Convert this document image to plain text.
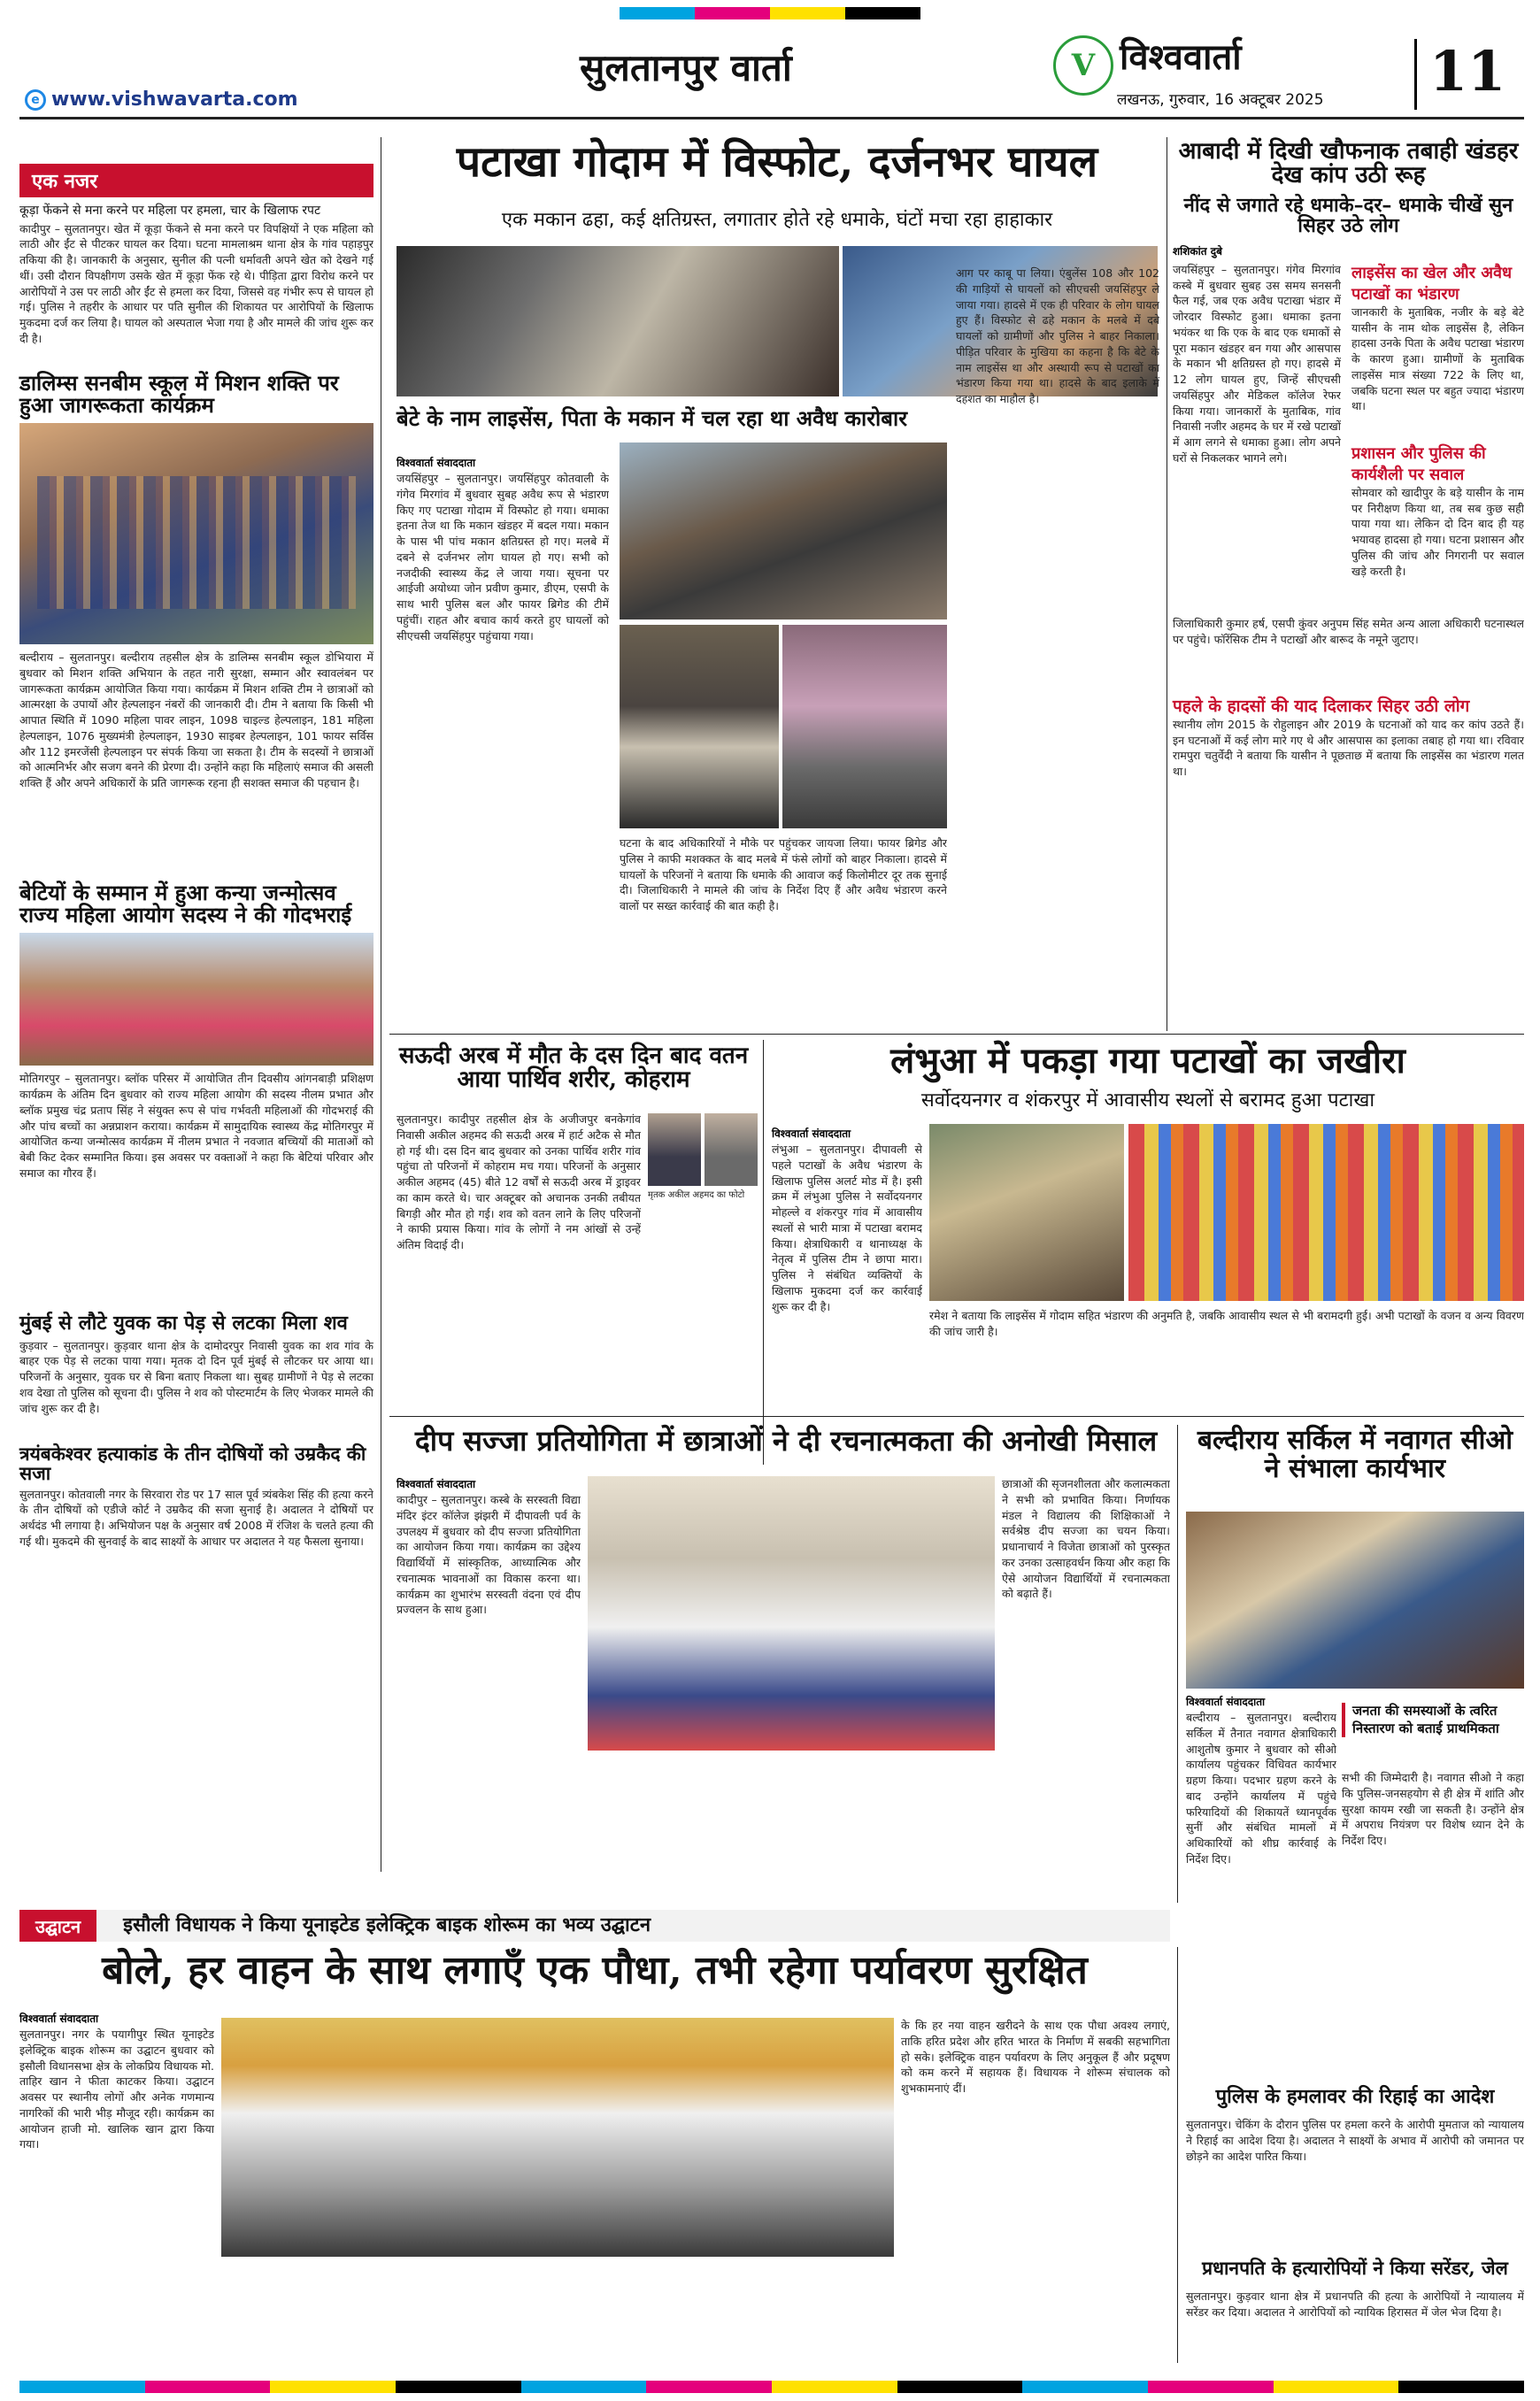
सुलतानपुर वार्ता
e www.vishwavarta.com
V विश्ववार्ता
लखनऊ, गुरुवार, 16 अक्टूबर 2025 11
एक नजर
कूड़ा फेंकने से मना करने पर महिला पर हमला, चार के खिलाफ रपट
कादीपुर – सुलतानपुर। खेत में कूड़ा फेंकने से मना करने पर विपक्षियों ने एक महिला को लाठी और ईंट से पीटकर घायल कर दिया। घटना मामलाश्रम थाना क्षेत्र के गांव पहाड़पुर तकिया की है। जानकारी के अनुसार, सुनील की पत्नी धर्मावती अपने खेत को देखने गई थीं। उसी दौरान विपक्षीगण उसके खेत में कूड़ा फेंक रहे थे। पीड़िता द्वारा विरोध करने पर आरोपियों ने उस पर लाठी और ईंट से हमला कर दिया, जिससे वह गंभीर रूप से घायल हो गई। पुलिस ने तहरीर के आधार पर पति सुनील की शिकायत पर आरोपियों के खिलाफ मुकदमा दर्ज कर लिया है। घायल को अस्पताल भेजा गया है और मामले की जांच शुरू कर दी है।
डालिम्स सनबीम स्कूल में मिशन शक्ति पर हुआ जागरूकता कार्यक्रम
बल्दीराय – सुलतानपुर। बल्दीराय तहसील क्षेत्र के डालिम्स सनबीम स्कूल डोभियारा में बुधवार को मिशन शक्ति अभियान के तहत नारी सुरक्षा, सम्मान और स्वावलंबन पर जागरूकता कार्यक्रम आयोजित किया गया। कार्यक्रम में मिशन शक्ति टीम ने छात्राओं को आत्मरक्षा के उपायों और हेल्पलाइन नंबरों की जानकारी दी। टीम ने बताया कि किसी भी आपात स्थिति में 1090 महिला पावर लाइन, 1098 चाइल्ड हेल्पलाइन, 181 महिला हेल्पलाइन, 1076 मुख्यमंत्री हेल्पलाइन, 1930 साइबर हेल्पलाइन, 101 फायर सर्विस और 112 इमरजेंसी हेल्पलाइन पर संपर्क किया जा सकता है। टीम के सदस्यों ने छात्राओं को आत्मनिर्भर और सजग बनने की प्रेरणा दी। उन्होंने कहा कि महिलाएं समाज की असली शक्ति हैं और अपने अधिकारों के प्रति जागरूक रहना ही सशक्त समाज की पहचान है।
बेटियों के सम्मान में हुआ कन्या जन्मोत्सव राज्य महिला आयोग सदस्य ने की गोदभराई
मोतिगरपुर – सुलतानपुर। ब्लॉक परिसर में आयोजित तीन दिवसीय आंगनबाड़ी प्रशिक्षण कार्यक्रम के अंतिम दिन बुधवार को राज्य महिला आयोग की सदस्य नीलम प्रभात और ब्लॉक प्रमुख चंद्र प्रताप सिंह ने संयुक्त रूप से पांच गर्भवती महिलाओं की गोदभराई की और पांच बच्चों का अन्नप्राशन कराया। कार्यक्रम में सामुदायिक स्वास्थ्य केंद्र मोतिगरपुर में आयोजित कन्या जन्मोत्सव कार्यक्रम में नीलम प्रभात ने नवजात बच्चियों की माताओं को बेबी किट देकर सम्मानित किया। इस अवसर पर वक्ताओं ने कहा कि बेटियां परिवार और समाज का गौरव हैं।
मुंबई से लौटे युवक का पेड़ से लटका मिला शव
कुड़वार – सुलतानपुर। कुड़वार थाना क्षेत्र के दामोदरपुर निवासी युवक का शव गांव के बाहर एक पेड़ से लटका पाया गया। मृतक दो दिन पूर्व मुंबई से लौटकर घर आया था। परिजनों के अनुसार, युवक घर से बिना बताए निकला था। सुबह ग्रामीणों ने पेड़ से लटका शव देखा तो पुलिस को सूचना दी। पुलिस ने शव को पोस्टमार्टम के लिए भेजकर मामले की जांच शुरू कर दी है।
त्रयंबकेश्वर हत्याकांड के तीन दोषियों को उम्रकैद की सजा
सुलतानपुर। कोतवाली नगर के सिरवारा रोड पर 17 साल पूर्व त्र्यंबकेश सिंह की हत्या करने के तीन दोषियों को एडीजे कोर्ट ने उम्रकैद की सजा सुनाई है। अदालत ने दोषियों पर अर्थदंड भी लगाया है। अभियोजन पक्ष के अनुसार वर्ष 2008 में रंजिश के चलते हत्या की गई थी। मुकदमे की सुनवाई के बाद साक्ष्यों के आधार पर अदालत ने यह फैसला सुनाया।
पटाखा गोदाम में विस्फोट, दर्जनभर घायल
एक मकान ढहा, कई क्षतिग्रस्त, लगातार होते रहे धमाके, घंटों मचा रहा हाहाकार
बेटे के नाम लाइसेंस, पिता के मकान में चल रहा था अवैध कारोबार
विश्ववार्ता संवाददाता
जयसिंहपुर – सुलतानपुर। जयसिंहपुर कोतवाली के गंगेव मिरगांव में बुधवार सुबह अवैध रूप से भंडारण किए गए पटाखा गोदाम में विस्फोट हो गया। धमाका इतना तेज था कि मकान खंडहर में बदल गया। मकान के पास भी पांच मकान क्षतिग्रस्त हो गए। मलबे में दबने से दर्जनभर लोग घायल हो गए। सभी को नजदीकी स्वास्थ्य केंद्र ले जाया गया। सूचना पर आईजी अयोध्या जोन प्रवीण कुमार, डीएम, एसपी के साथ भारी पुलिस बल और फायर ब्रिगेड की टीमें पहुंचीं। राहत और बचाव कार्य करते हुए घायलों को सीएचसी जयसिंहपुर पहुंचाया गया।
आग पर काबू पा लिया। एंबुलेंस 108 और 102 की गाड़ियों से घायलों को सीएचसी जयसिंहपुर ले जाया गया। हादसे में एक ही परिवार के लोग घायल हुए हैं। विस्फोट से ढहे मकान के मलबे में दबे घायलों को ग्रामीणों और पुलिस ने बाहर निकाला। पीड़ित परिवार के मुखिया का कहना है कि बेटे के नाम लाइसेंस था और अस्थायी रूप से पटाखों का भंडारण किया गया था। हादसे के बाद इलाके में दहशत का माहौल है।
घटना के बाद अधिकारियों ने मौके पर पहुंचकर जायजा लिया। फायर ब्रिगेड और पुलिस ने काफी मशक्कत के बाद मलबे में फंसे लोगों को बाहर निकाला। हादसे में घायलों के परिजनों ने बताया कि धमाके की आवाज कई किलोमीटर दूर तक सुनाई दी। जिलाधिकारी ने मामले की जांच के निर्देश दिए हैं और अवैध भंडारण करने वालों पर सख्त कार्रवाई की बात कही है।
आबादी में दिखी खौफनाक तबाही खंडहर देख कांप उठी रूह
नींद से जगाते रहे धमाके–दर– धमाके चीखें सुन सिहर उठे लोग
शशिकांत दुबे
जयसिंहपुर – सुलतानपुर। गंगेव मिरगांव कस्बे में बुधवार सुबह उस समय सनसनी फैल गई, जब एक अवैध पटाखा भंडार में जोरदार विस्फोट हुआ। धमाका इतना भयंकर था कि एक के बाद एक धमाकों से पूरा मकान खंडहर बन गया और आसपास के मकान भी क्षतिग्रस्त हो गए। हादसे में 12 लोग घायल हुए, जिन्हें सीएचसी जयसिंहपुर और मेडिकल कॉलेज रेफर किया गया। जानकारों के मुताबिक, गांव निवासी नजीर अहमद के घर में रखे पटाखों में आग लगने से धमाका हुआ। लोग अपने घरों से निकलकर भागने लगे।
लाइसेंस का खेल और अवैध पटाखों का भंडारण
जानकारी के मुताबिक, नजीर के बड़े बेटे यासीन के नाम थोक लाइसेंस है, लेकिन हादसा उनके पिता के अवैध पटाखा भंडारण के कारण हुआ। ग्रामीणों के मुताबिक लाइसेंस मात्र संख्या 722 के लिए था, जबकि घटना स्थल पर बहुत ज्यादा भंडारण था।
प्रशासन और पुलिस की कार्यशैली पर सवाल
सोमवार को खादीपुर के बड़े यासीन के नाम पर निरीक्षण किया था, तब सब कुछ सही पाया गया था। लेकिन दो दिन बाद ही यह भयावह हादसा हो गया। घटना प्रशासन और पुलिस की जांच और निगरानी पर सवाल खड़े करती है।
जिलाधिकारी कुमार हर्ष, एसपी कुंवर अनुपम सिंह समेत अन्य आला अधिकारी घटनास्थल पर पहुंचे। फॉरेंसिक टीम ने पटाखों और बारूद के नमूने जुटाए।
पहले के हादसों की याद दिलाकर सिहर उठी लोग
स्थानीय लोग 2015 के रोहुलाइन और 2019 के घटनाओं को याद कर कांप उठते हैं। इन घटनाओं में कई लोग मारे गए थे और आसपास का इलाका तबाह हो गया था। रविवार रामपुरा चतुर्वेदी ने बताया कि यासीन ने पूछताछ में बताया कि लाइसेंस का भंडारण गलत था।
सऊदी अरब में मौत के दस दिन बाद वतन आया पार्थिव शरीर, कोहराम
सुलतानपुर। कादीपुर तहसील क्षेत्र के अजीजपुर बनकेगांव निवासी अकील अहमद की सऊदी अरब में हार्ट अटैक से मौत हो गई थी। दस दिन बाद बुधवार को उनका पार्थिव शरीर गांव पहुंचा तो परिजनों में कोहराम मच गया। परिजनों के अनुसार अकील अहमद (45) बीते 12 वर्षों से सऊदी अरब में ड्राइवर का काम करते थे। चार अक्टूबर को अचानक उनकी तबीयत बिगड़ी और मौत हो गई। शव को वतन लाने के लिए परिजनों ने काफी प्रयास किया। गांव के लोगों ने नम आंखों से उन्हें अंतिम विदाई दी।
मृतक अकील अहमद का फोटो
लंभुआ में पकड़ा गया पटाखों का जखीरा
सर्वोदयनगर व शंकरपुर में आवासीय स्थलों से बरामद हुआ पटाखा
विश्ववार्ता संवाददाता
लंभुआ – सुलतानपुर। दीपावली से पहले पटाखों के अवैध भंडारण के खिलाफ पुलिस अलर्ट मोड में है। इसी क्रम में लंभुआ पुलिस ने सर्वोदयनगर मोहल्ले व शंकरपुर गांव में आवासीय स्थलों से भारी मात्रा में पटाखा बरामद किया। क्षेत्राधिकारी व थानाध्यक्ष के नेतृत्व में पुलिस टीम ने छापा मारा। पुलिस ने संबंधित व्यक्तियों के खिलाफ मुकदमा दर्ज कर कार्रवाई शुरू कर दी है।
रमेश ने बताया कि लाइसेंस में गोदाम सहित भंडारण की अनुमति है, जबकि आवासीय स्थल से भी बरामदगी हुई। अभी पटाखों के वजन व अन्य विवरण की जांच जारी है।
दीप सज्जा प्रतियोगिता में छात्राओं ने दी रचनात्मकता की अनोखी मिसाल
विश्ववार्ता संवाददाता
कादीपुर – सुलतानपुर। कस्बे के सरस्वती विद्या मंदिर इंटर कॉलेज झंझरी में दीपावली पर्व के उपलक्ष्य में बुधवार को दीप सज्जा प्रतियोगिता का आयोजन किया गया। कार्यक्रम का उद्देश्य विद्यार्थियों में सांस्कृतिक, आध्यात्मिक और रचनात्मक भावनाओं का विकास करना था। कार्यक्रम का शुभारंभ सरस्वती वंदना एवं दीप प्रज्वलन के साथ हुआ।
छात्राओं की सृजनशीलता और कलात्मकता ने सभी को प्रभावित किया। निर्णायक मंडल ने विद्यालय की शिक्षिकाओं ने सर्वश्रेष्ठ दीप सज्जा का चयन किया। प्रधानाचार्य ने विजेता छात्राओं को पुरस्कृत कर उनका उत्साहवर्धन किया और कहा कि ऐसे आयोजन विद्यार्थियों में रचनात्मकता को बढ़ाते हैं।
बल्दीराय सर्किल में नवागत सीओ ने संभाला कार्यभार
विश्ववार्ता संवाददाता
बल्दीराय – सुलतानपुर। बल्दीराय सर्किल में तैनात नवागत क्षेत्राधिकारी आशुतोष कुमार ने बुधवार को सीओ कार्यालय पहुंचकर विधिवत कार्यभार ग्रहण किया। पदभार ग्रहण करने के बाद उन्होंने कार्यालय में पहुंचे फरियादियों की शिकायतें ध्यानपूर्वक सुनीं और संबंधित मामलों में अधिकारियों को शीघ्र कार्रवाई के निर्देश दिए।
जनता की समस्याओं के त्वरित निस्तारण को बताई प्राथमिकता
सभी की जिम्मेदारी है। नवागत सीओ ने कहा कि पुलिस-जनसहयोग से ही क्षेत्र में शांति और सुरक्षा कायम रखी जा सकती है। उन्होंने क्षेत्र में अपराध नियंत्रण पर विशेष ध्यान देने के निर्देश दिए।
उद्घाटन	इसौली विधायक ने किया यूनाइटेड इलेक्ट्रिक बाइक शोरूम का भव्य उद्घाटन
बोले, हर वाहन के साथ लगाएँ एक पौधा, तभी रहेगा पर्यावरण सुरक्षित
विश्ववार्ता संवाददाता
सुलतानपुर। नगर के पयागीपुर स्थित यूनाइटेड इलेक्ट्रिक बाइक शोरूम का उद्घाटन बुधवार को इसौली विधानसभा क्षेत्र के लोकप्रिय विधायक मो. ताहिर खान ने फीता काटकर किया। उद्घाटन अवसर पर स्थानीय लोगों और अनेक गणमान्य नागरिकों की भारी भीड़ मौजूद रही। कार्यक्रम का आयोजन हाजी मो. खालिक खान द्वारा किया गया।
के कि हर नया वाहन खरीदने के साथ एक पौधा अवश्य लगाएं, ताकि हरित प्रदेश और हरित भारत के निर्माण में सबकी सहभागिता हो सके। इलेक्ट्रिक वाहन पर्यावरण के लिए अनुकूल हैं और प्रदूषण को कम करने में सहायक हैं। विधायक ने शोरूम संचालक को शुभकामनाएं दीं।	पुलिस के हमलावर की रिहाई का आदेश
सुलतानपुर। चेकिंग के दौरान पुलिस पर हमला करने के आरोपी मुमताज को न्यायालय ने रिहाई का आदेश दिया है। अदालत ने साक्ष्यों के अभाव में आरोपी को जमानत पर छोड़ने का आदेश पारित किया।
प्रधानपति के हत्यारोपियों ने किया सरेंडर, जेल
सुलतानपुर। कुड़वार थाना क्षेत्र में प्रधानपति की हत्या के आरोपियों ने न्यायालय में सरेंडर कर दिया। अदालत ने आरोपियों को न्यायिक हिरासत में जेल भेज दिया है।
